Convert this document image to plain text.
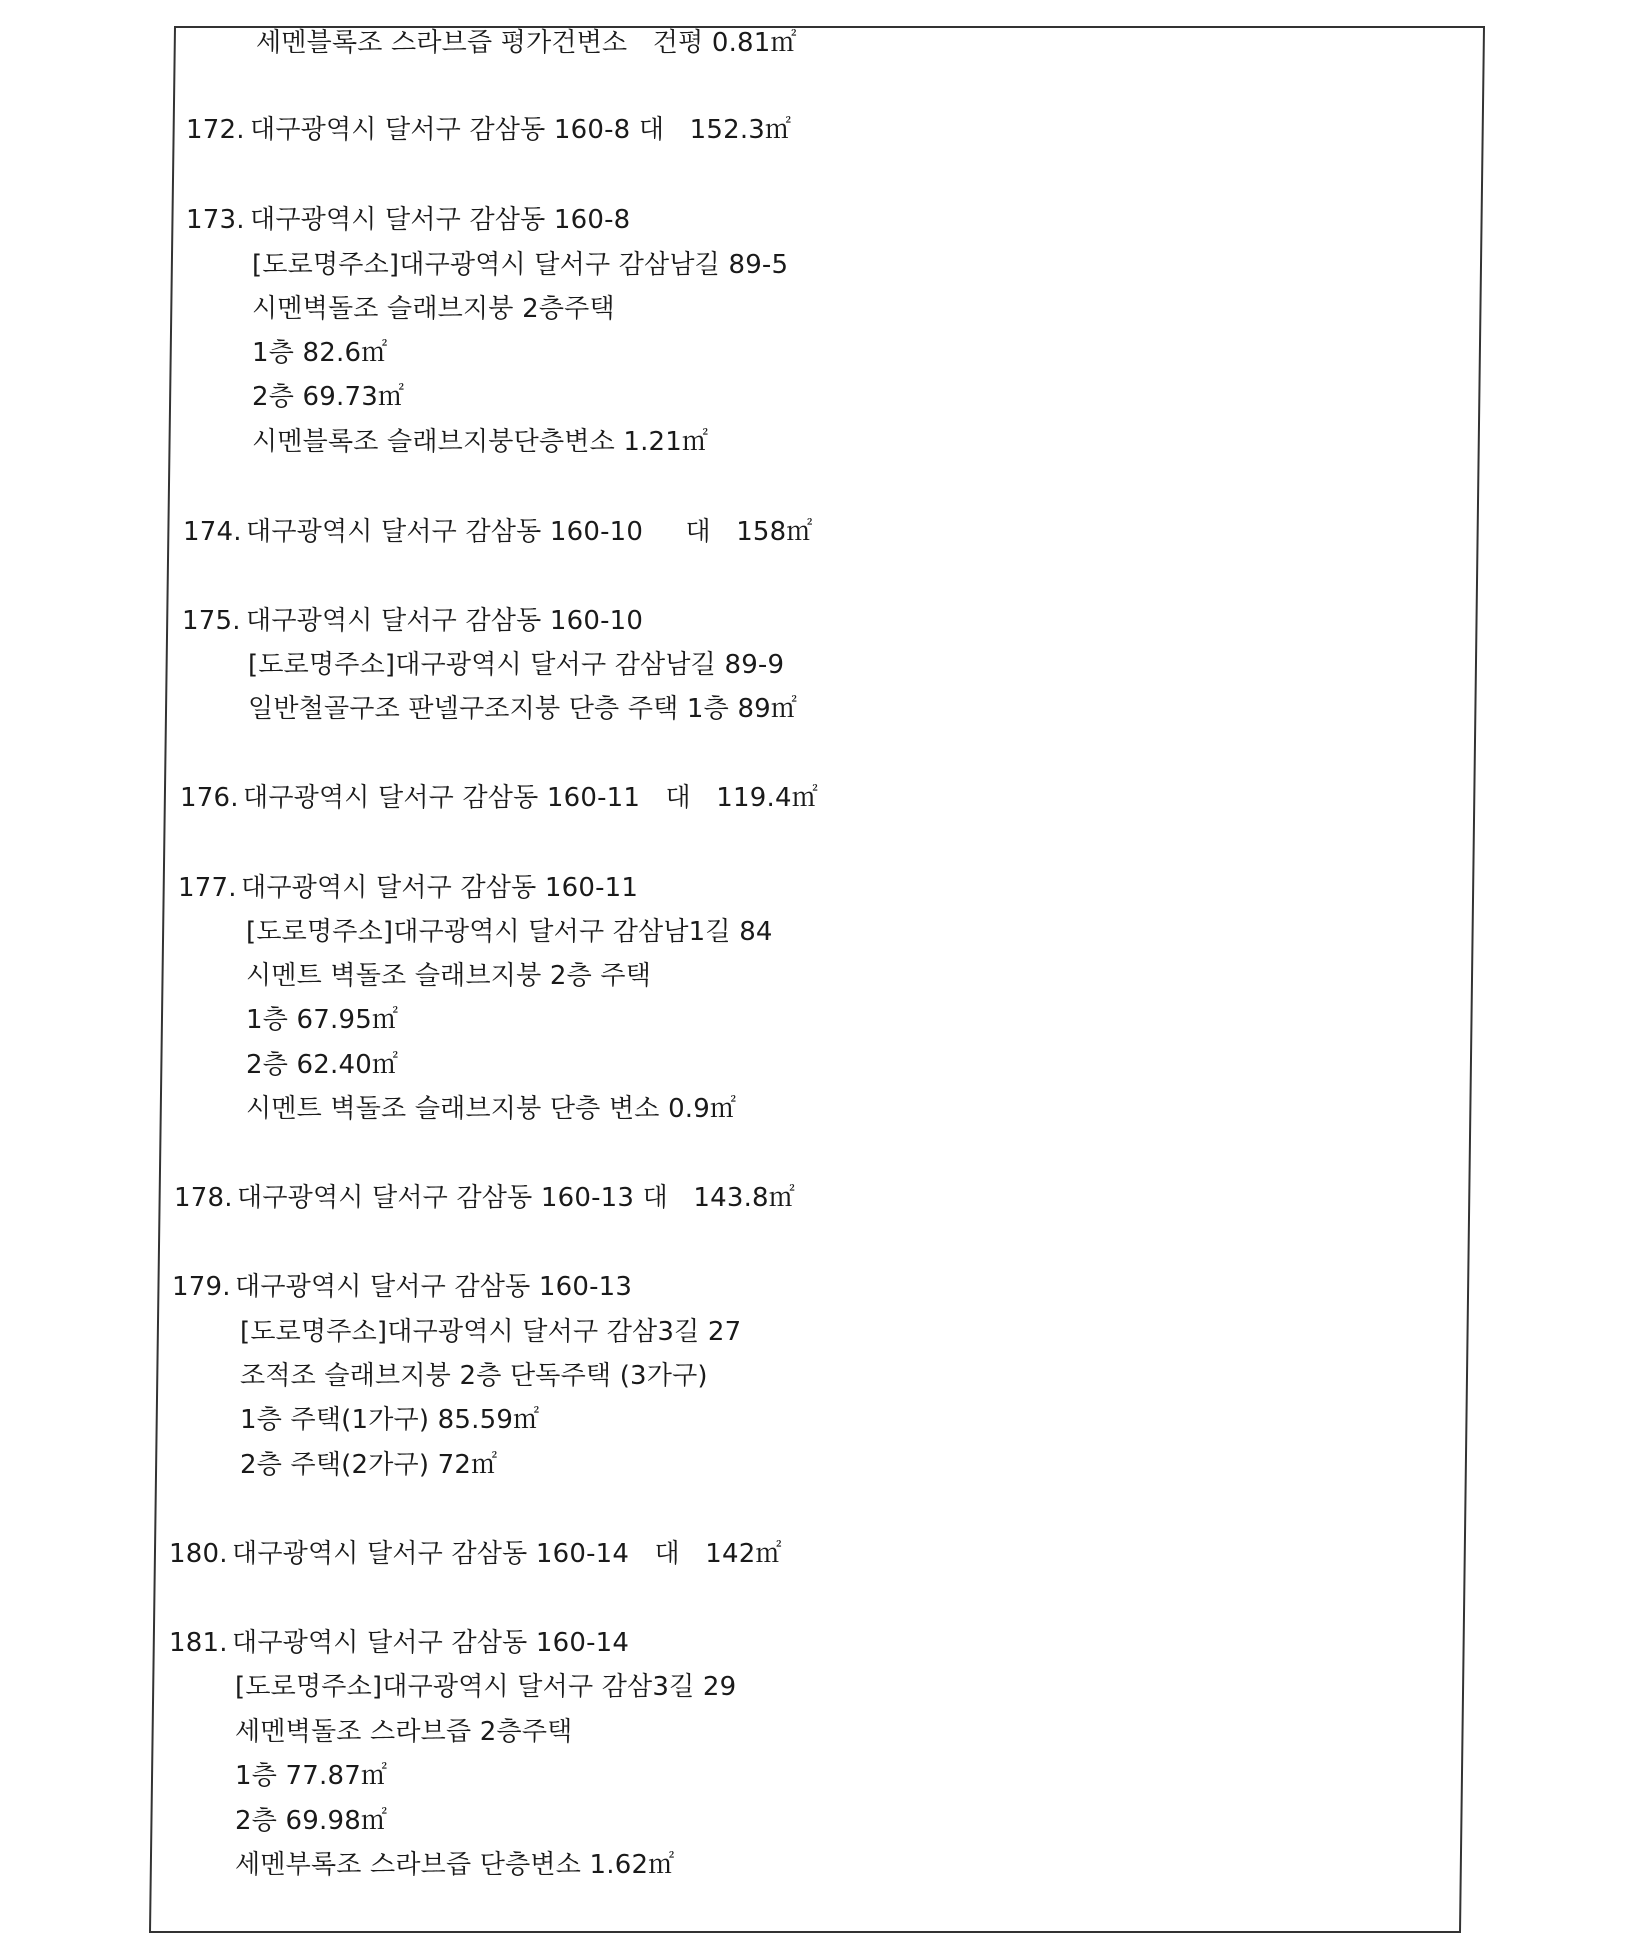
세멘블록조 스라브즙 평가건변소   건평 0.81㎡
172. 대구광역시 달서구 감삼동 160-8 대   152.3㎡
173. 대구광역시 달서구 감삼동 160-8
[도로명주소]대구광역시 달서구 감삼남길 89-5
시멘벽돌조 슬래브지붕 2층주택
1층 82.6㎡
2층 69.73㎡
시멘블록조 슬래브지붕단층변소 1.21㎡
174. 대구광역시 달서구 감삼동 160-10     대   158㎡
175. 대구광역시 달서구 감삼동 160-10
[도로명주소]대구광역시 달서구 감삼남길 89-9
일반철골구조 판넬구조지붕 단층 주택 1층 89㎡
176. 대구광역시 달서구 감삼동 160-11   대   119.4㎡
177. 대구광역시 달서구 감삼동 160-11
[도로명주소]대구광역시 달서구 감삼남1길 84
시멘트 벽돌조 슬래브지붕 2층 주택
1층 67.95㎡
2층 62.40㎡
시멘트 벽돌조 슬래브지붕 단층 변소 0.9㎡
178. 대구광역시 달서구 감삼동 160-13 대   143.8㎡
179. 대구광역시 달서구 감삼동 160-13
[도로명주소]대구광역시 달서구 감삼3길 27
조적조 슬래브지붕 2층 단독주택 (3가구)
1층 주택(1가구) 85.59㎡
2층 주택(2가구) 72㎡
180. 대구광역시 달서구 감삼동 160-14   대   142㎡
181. 대구광역시 달서구 감삼동 160-14
[도로명주소]대구광역시 달서구 감삼3길 29
세멘벽돌조 스라브즙 2층주택
1층 77.87㎡
2층 69.98㎡
세멘부록조 스라브즙 단층변소 1.62㎡
